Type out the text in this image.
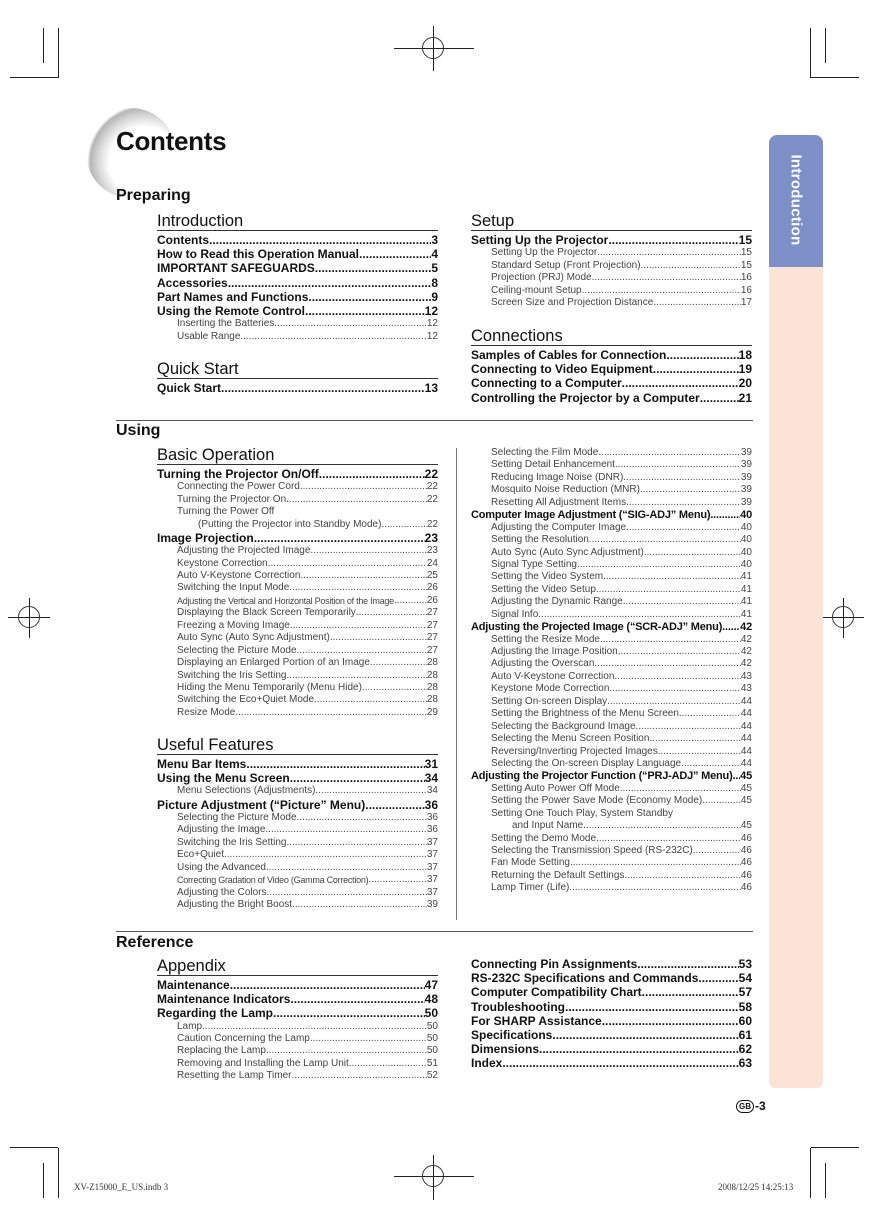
Contents
Introduction
Preparing
Using
Reference
Introduction
Contents .....	3
How to Read this Operation Manual .....	4
IMPORTANT SAFEGUARDS .....	5
Accessories .....	8
Part Names and Functions .....	9
Using the Remote Control .....	12
Inserting the Batteries .....	12
Usable Range .....	12
Quick Start
Quick Start .....	13
Setup
Setting Up the Projector .....	15
Setting Up the Projector .....	15
Standard Setup (Front Projection) .....	15
Projection (PRJ) Mode .....	16
Ceiling-mount Setup .....	16
Screen Size and Projection Distance .....	17
Connections
Samples of Cables for Connection .....	18
Connecting to Video Equipment .....	19
Connecting to a Computer .....	20
Controlling the Projector by a Computer .....	21
Basic Operation
Turning the Projector On/Off .....	22
Connecting the Power Cord .....	22
Turning the Projector On .....	22
Turning the Power Off
(Putting the Projector into Standby Mode) .....	22
Image Projection .....	23
Adjusting the Projected Image .....	23
Keystone Correction .....	24
Auto V-Keystone Correction .....	25
Switching the Input Mode .....	26
Adjusting the Vertical and Horizontal Position of the Image .....	26
Displaying the Black Screen Temporarily .....	27
Freezing a Moving Image .....	27
Auto Sync (Auto Sync Adjustment) .....	27
Selecting the Picture Mode .....	27
Displaying an Enlarged Portion of an Image .....	28
Switching the Iris Setting .....	28
Hiding the Menu Temporarily (Menu Hide) .....	28
Switching the Eco+Quiet Mode .....	28
Resize Mode .....	29
Useful Features
Menu Bar Items .....	31
Using the Menu Screen .....	34
Menu Selections (Adjustments) .....	34
Picture Adjustment (“Picture” Menu) .....	36
Selecting the Picture Mode .....	36
Adjusting the Image .....	36
Switching the Iris Setting .....	37
Eco+Quiet .....	37
Using the Advanced .....	37
Correcting Gradation of Video (Gamma Correction) .....	37
Adjusting the Colors .....	37
Adjusting the Bright Boost .....	39
Selecting the Film Mode .....	39
Setting Detail Enhancement .....	39
Reducing Image Noise (DNR) .....	39
Mosquito Noise Reduction (MNR) .....	39
Resetting All Adjustment Items .....	39
Computer Image Adjustment (“SIG-ADJ” Menu) .....	40
Adjusting the Computer Image .....	40
Setting the Resolution .....	40
Auto Sync (Auto Sync Adjustment) .....	40
Signal Type Setting .....	40
Setting the Video System .....	41
Setting the Video Setup .....	41
Adjusting the Dynamic Range .....	41
Signal Info .....	41
Adjusting the Projected Image (“SCR-ADJ” Menu) ..... 42
Setting the Resize Mode .....	42
Adjusting the Image Position .....	42
Adjusting the Overscan .....	42
Auto V-Keystone Correction .....	43
Keystone Mode Correction .....	43
Setting On-screen Display .....	44
Setting the Brightness of the Menu Screen .....	44
Selecting the Background Image .....	44
Selecting the Menu Screen Position .....	44
Reversing/Inverting Projected Images .....	44
Selecting the On-screen Display Language .....	44
Adjusting the Projector Function (“PRJ-ADJ” Menu) ..... 45
Setting Auto Power Off Mode .....	45
Setting the Power Save Mode (Economy Mode) .....	45
Setting One Touch Play, System Standby
and Input Name .....	45
Setting the Demo Mode .....	46
Selecting the Transmission Speed (RS-232C) .....	46
Fan Mode Setting .....	46
Returning the Default Settings .....	46
Lamp Timer (Life) .....	46
Appendix
Maintenance .....	47
Maintenance Indicators .....	48
Regarding the Lamp .....	50
Lamp .....	50
Caution Concerning the Lamp .....	50
Replacing the Lamp .....	50
Removing and Installing the Lamp Unit .....	51
Resetting the Lamp Timer .....	52
Connecting Pin Assignments .....	53
RS-232C Specifications and Commands .....	54
Computer Compatibility Chart .....	57
Troubleshooting .....	58
For SHARP Assistance .....	60
Specifications .....	61
Dimensions .....	62
Index .....	63
GB -3
XV-Z15000_E_US.indb 3	2008/12/25 14:25:13
